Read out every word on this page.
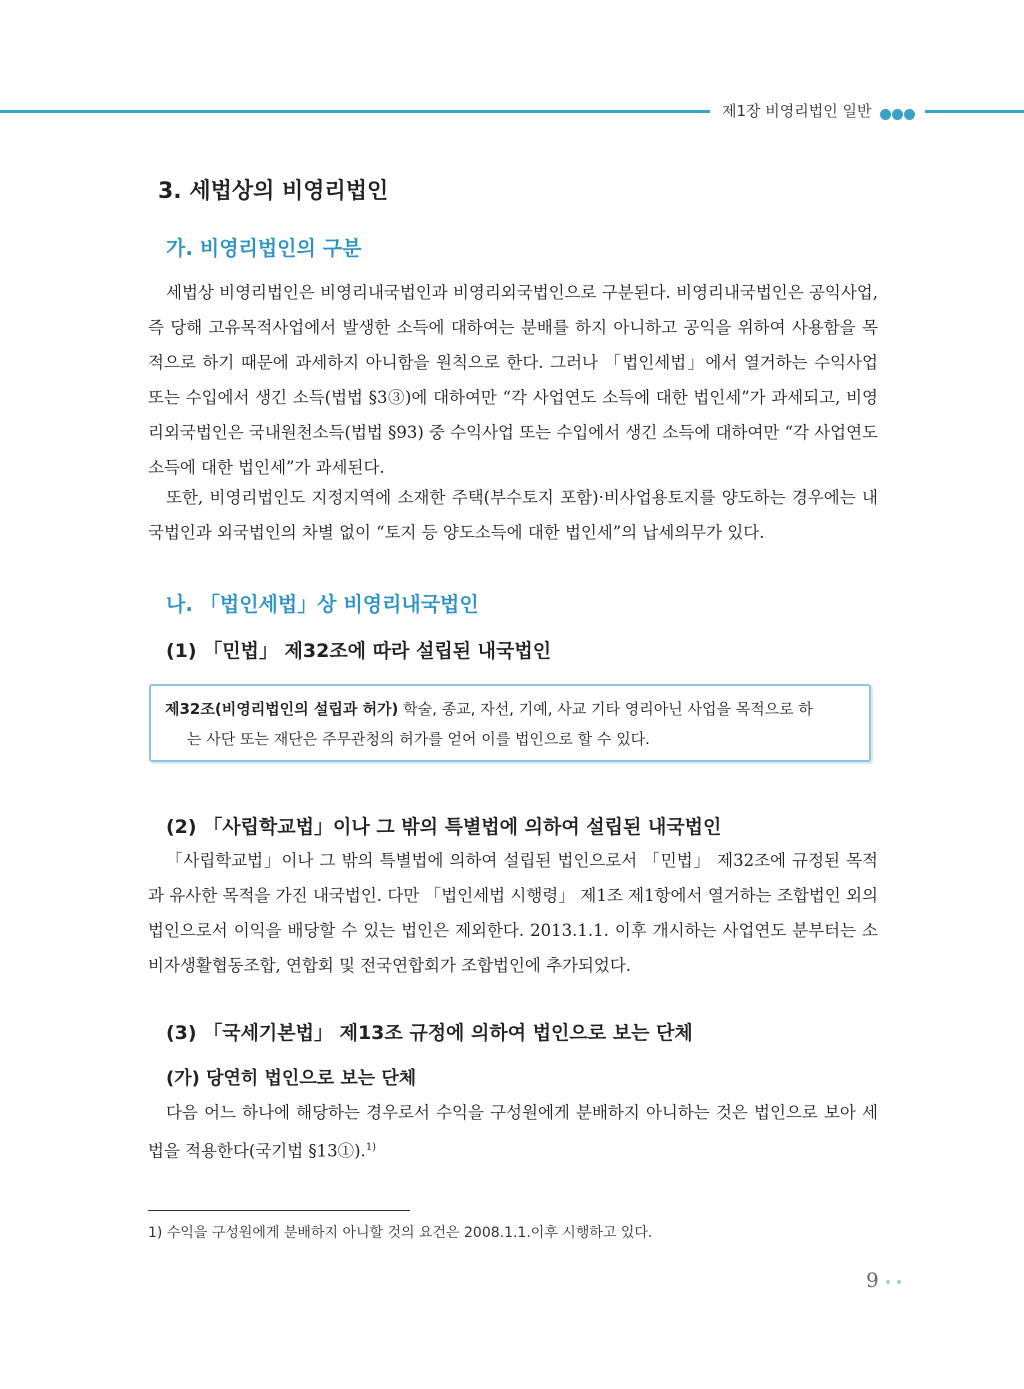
제1장 비영리법인 일반
3. 세법상의 비영리법인
가. 비영리법인의 구분
세법상 비영리법인은 비영리내국법인과 비영리외국법인으로 구분된다. 비영리내국법인은 공익사업, 즉 당해 고유목적사업에서 발생한 소득에 대하여는 분배를 하지 아니하고 공익을 위하여 사용함을 목적으로 하기 때문에 과세하지 아니함을 원칙으로 한다. 그러나 「법인세법」에서 열거하는 수익사업 또는 수입에서 생긴 소득(법법 §3③)에 대하여만 “각 사업연도 소득에 대한 법인세”가 과세되고, 비영리외국법인은 국내원천소득(법법 §93) 중 수익사업 또는 수입에서 생긴 소득에 대하여만 “각 사업연도 소득에 대한 법인세”가 과세된다.
또한, 비영리법인도 지정지역에 소재한 주택(부수토지 포함)·비사업용토지를 양도하는 경우에는 내국법인과 외국법인의 차별 없이 “토지 등 양도소득에 대한 법인세”의 납세의무가 있다.
나. 「법인세법」상 비영리내국법인
(1) 「민법」 제32조에 따라 설립된 내국법인
제32조(비영리법인의 설립과 허가) 학술, 종교, 자선, 기예, 사교 기타 영리아닌 사업을 목적으로 하
는 사단 또는 재단은 주무관청의 허가를 얻어 이를 법인으로 할 수 있다.
(2) 「사립학교법」이나 그 밖의 특별법에 의하여 설립된 내국법인
「사립학교법」이나 그 밖의 특별법에 의하여 설립된 법인으로서 「민법」 제32조에 규정된 목적과 유사한 목적을 가진 내국법인. 다만 「법인세법 시행령」 제1조 제1항에서 열거하는 조합법인 외의 법인으로서 이익을 배당할 수 있는 법인은 제외한다. 2013.1.1. 이후 개시하는 사업연도 분부터는 소비자생활협동조합, 연합회 및 전국연합회가 조합법인에 추가되었다.
(3) 「국세기본법」 제13조 규정에 의하여 법인으로 보는 단체
(가) 당연히 법인으로 보는 단체
다음 어느 하나에 해당하는 경우로서 수익을 구성원에게 분배하지 아니하는 것은 법인으로 보아 세법을 적용한다(국기법 §13①).$^{1)}$
1) 수익을 구성원에게 분배하지 아니할 것의 요건은 2008.1.1.이후 시행하고 있다.
9
